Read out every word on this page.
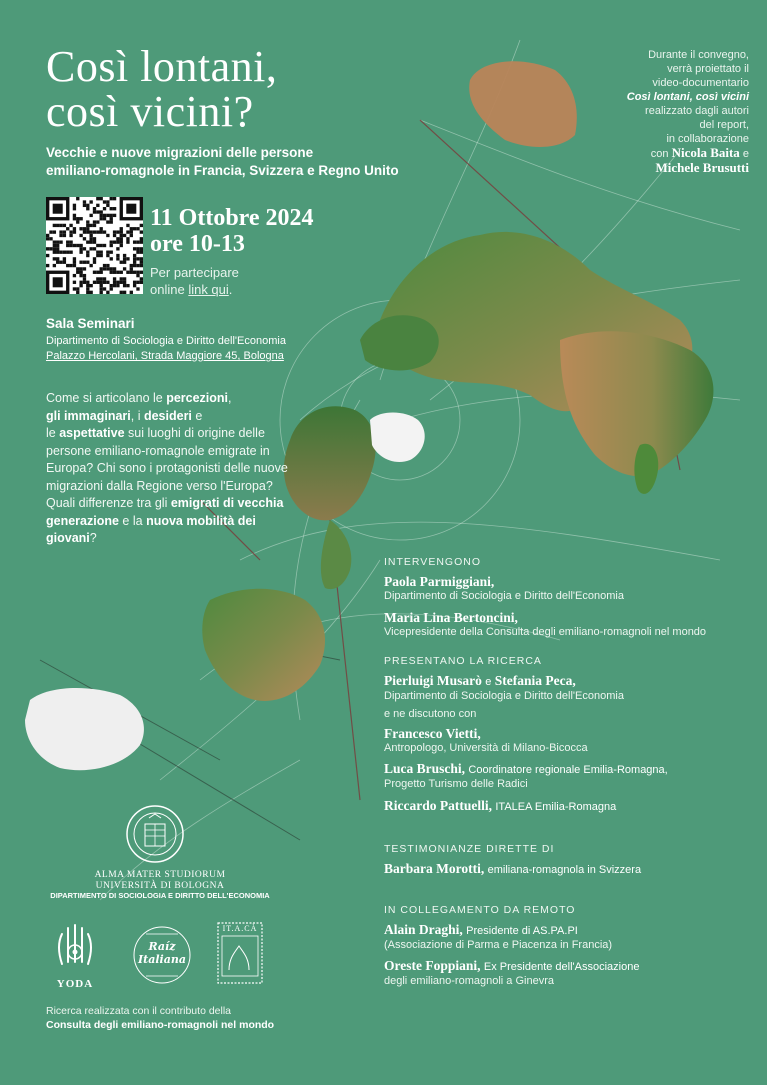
Così lontani,
così vicini?
Vecchie e nuove migrazioni delle persone
emiliano-romagnole in Francia, Svizzera e Regno Unito
11 Ottobre 2024
ore 10-13
Per partecipare
online link qui.
Sala Seminari
Dipartimento di Sociologia e Diritto dell'Economia
Palazzo Hercolani, Strada Maggiore 45, Bologna
Come si articolano le percezioni,
gli immaginari, i desideri e
le aspettative sui luoghi di origine delle persone emiliano-romagnole emigrate in Europa? Chi sono i protagonisti delle nuove migrazioni dalla Regione verso l'Europa? Quali differenze tra gli emigrati di vecchia generazione e la nuova mobilità dei giovani?
Durante il convegno,
verrà proiettato il
video-documentario
Così lontani, così vicini
realizzato dagli autori
del report,
in collaborazione
con Nicola Baita e
Michele Brusutti
INTERVENGONO
Paola Parmiggiani,
Dipartimento di Sociologia e Diritto dell'Economia
Maria Lina Bertoncini,
Vicepresidente della Consulta degli emiliano-romagnoli nel mondo
PRESENTANO LA RICERCA
Pierluigi Musarò e Stefania Peca,
Dipartimento di Sociologia e Diritto dell'Economia
e ne discutono con
Francesco Vietti,
Antropologo, Università di Milano-Bicocca
Luca Bruschi, Coordinatore regionale Emilia-Romagna,
Progetto Turismo delle Radici
Riccardo Pattuelli, ITALEA Emilia-Romagna
TESTIMONIANZE DIRETTE DI
Barbara Morotti, emiliana-romagnola in Svizzera
IN COLLEGAMENTO DA REMOTO
Alain Draghi, Presidente di AS.PA.PI
(Associazione di Parma e Piacenza in Francia)
Oreste Foppiani, Ex Presidente dell'Associazione
degli emiliano-romagnoli a Ginevra
ALMA MATER STUDIORUM
UNIVERSITÀ DI BOLOGNA
DIPARTIMENTO DI SOCIOLOGIA E DIRITTO DELL'ECONOMIA
YODA
Raíz
Italiana
IT.A.CÀ
Ricerca realizzata con il contributo della
Consulta degli emiliano-romagnoli nel mondo
